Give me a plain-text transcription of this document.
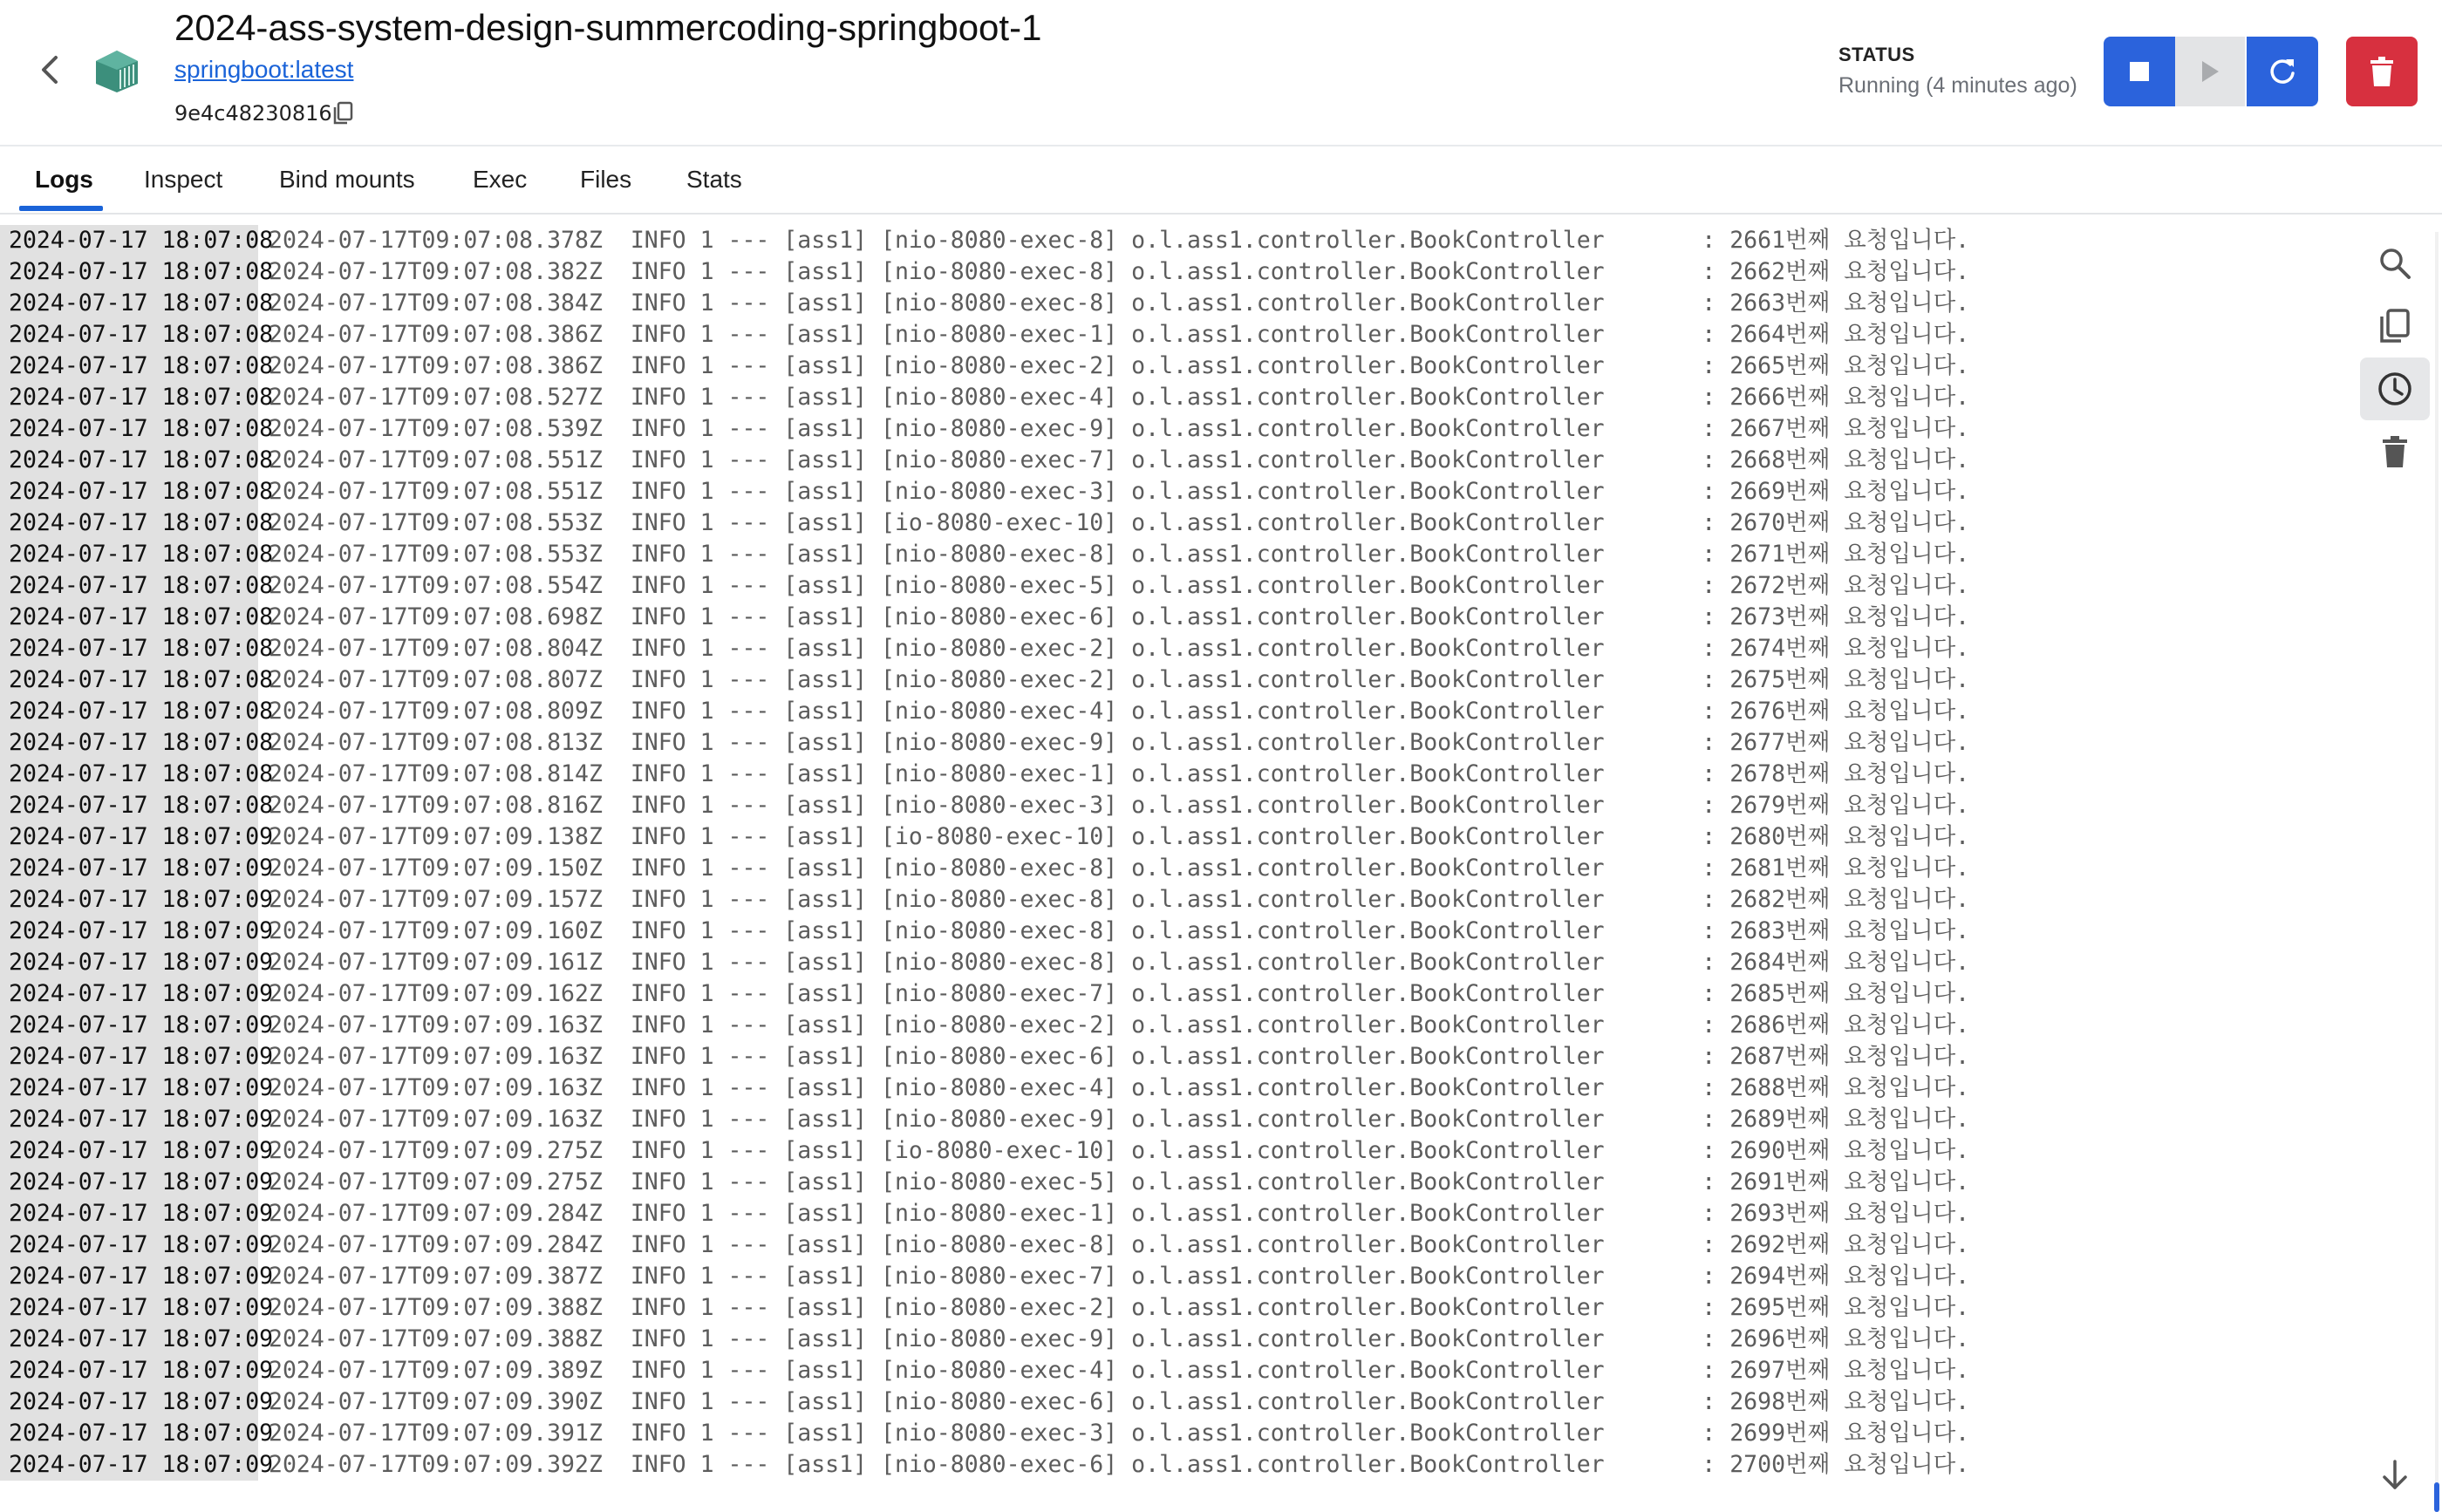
2024-ass-system-design-summercoding-springboot-1
springboot:latest
9e4c48230816
STATUS
Running (4 minutes ago)
Logs Inspect Bind mounts Exec Files Stats
2024-07-17 18:07:082024-07-17T09:07:08.378Z  INFO 1 --- [ass1] [nio-8080-exec-8] o.l.ass1.controller.BookController       : 2661번째 요청입니다.
2024-07-17 18:07:082024-07-17T09:07:08.382Z  INFO 1 --- [ass1] [nio-8080-exec-8] o.l.ass1.controller.BookController       : 2662번째 요청입니다.
2024-07-17 18:07:082024-07-17T09:07:08.384Z  INFO 1 --- [ass1] [nio-8080-exec-8] o.l.ass1.controller.BookController       : 2663번째 요청입니다.
2024-07-17 18:07:082024-07-17T09:07:08.386Z  INFO 1 --- [ass1] [nio-8080-exec-1] o.l.ass1.controller.BookController       : 2664번째 요청입니다.
2024-07-17 18:07:082024-07-17T09:07:08.386Z  INFO 1 --- [ass1] [nio-8080-exec-2] o.l.ass1.controller.BookController       : 2665번째 요청입니다.
2024-07-17 18:07:082024-07-17T09:07:08.527Z  INFO 1 --- [ass1] [nio-8080-exec-4] o.l.ass1.controller.BookController       : 2666번째 요청입니다.
2024-07-17 18:07:082024-07-17T09:07:08.539Z  INFO 1 --- [ass1] [nio-8080-exec-9] o.l.ass1.controller.BookController       : 2667번째 요청입니다.
2024-07-17 18:07:082024-07-17T09:07:08.551Z  INFO 1 --- [ass1] [nio-8080-exec-7] o.l.ass1.controller.BookController       : 2668번째 요청입니다.
2024-07-17 18:07:082024-07-17T09:07:08.551Z  INFO 1 --- [ass1] [nio-8080-exec-3] o.l.ass1.controller.BookController       : 2669번째 요청입니다.
2024-07-17 18:07:082024-07-17T09:07:08.553Z  INFO 1 --- [ass1] [io-8080-exec-10] o.l.ass1.controller.BookController       : 2670번째 요청입니다.
2024-07-17 18:07:082024-07-17T09:07:08.553Z  INFO 1 --- [ass1] [nio-8080-exec-8] o.l.ass1.controller.BookController       : 2671번째 요청입니다.
2024-07-17 18:07:082024-07-17T09:07:08.554Z  INFO 1 --- [ass1] [nio-8080-exec-5] o.l.ass1.controller.BookController       : 2672번째 요청입니다.
2024-07-17 18:07:082024-07-17T09:07:08.698Z  INFO 1 --- [ass1] [nio-8080-exec-6] o.l.ass1.controller.BookController       : 2673번째 요청입니다.
2024-07-17 18:07:082024-07-17T09:07:08.804Z  INFO 1 --- [ass1] [nio-8080-exec-2] o.l.ass1.controller.BookController       : 2674번째 요청입니다.
2024-07-17 18:07:082024-07-17T09:07:08.807Z  INFO 1 --- [ass1] [nio-8080-exec-2] o.l.ass1.controller.BookController       : 2675번째 요청입니다.
2024-07-17 18:07:082024-07-17T09:07:08.809Z  INFO 1 --- [ass1] [nio-8080-exec-4] o.l.ass1.controller.BookController       : 2676번째 요청입니다.
2024-07-17 18:07:082024-07-17T09:07:08.813Z  INFO 1 --- [ass1] [nio-8080-exec-9] o.l.ass1.controller.BookController       : 2677번째 요청입니다.
2024-07-17 18:07:082024-07-17T09:07:08.814Z  INFO 1 --- [ass1] [nio-8080-exec-1] o.l.ass1.controller.BookController       : 2678번째 요청입니다.
2024-07-17 18:07:082024-07-17T09:07:08.816Z  INFO 1 --- [ass1] [nio-8080-exec-3] o.l.ass1.controller.BookController       : 2679번째 요청입니다.
2024-07-17 18:07:092024-07-17T09:07:09.138Z  INFO 1 --- [ass1] [io-8080-exec-10] o.l.ass1.controller.BookController       : 2680번째 요청입니다.
2024-07-17 18:07:092024-07-17T09:07:09.150Z  INFO 1 --- [ass1] [nio-8080-exec-8] o.l.ass1.controller.BookController       : 2681번째 요청입니다.
2024-07-17 18:07:092024-07-17T09:07:09.157Z  INFO 1 --- [ass1] [nio-8080-exec-8] o.l.ass1.controller.BookController       : 2682번째 요청입니다.
2024-07-17 18:07:092024-07-17T09:07:09.160Z  INFO 1 --- [ass1] [nio-8080-exec-8] o.l.ass1.controller.BookController       : 2683번째 요청입니다.
2024-07-17 18:07:092024-07-17T09:07:09.161Z  INFO 1 --- [ass1] [nio-8080-exec-8] o.l.ass1.controller.BookController       : 2684번째 요청입니다.
2024-07-17 18:07:092024-07-17T09:07:09.162Z  INFO 1 --- [ass1] [nio-8080-exec-7] o.l.ass1.controller.BookController       : 2685번째 요청입니다.
2024-07-17 18:07:092024-07-17T09:07:09.163Z  INFO 1 --- [ass1] [nio-8080-exec-2] o.l.ass1.controller.BookController       : 2686번째 요청입니다.
2024-07-17 18:07:092024-07-17T09:07:09.163Z  INFO 1 --- [ass1] [nio-8080-exec-6] o.l.ass1.controller.BookController       : 2687번째 요청입니다.
2024-07-17 18:07:092024-07-17T09:07:09.163Z  INFO 1 --- [ass1] [nio-8080-exec-4] o.l.ass1.controller.BookController       : 2688번째 요청입니다.
2024-07-17 18:07:092024-07-17T09:07:09.163Z  INFO 1 --- [ass1] [nio-8080-exec-9] o.l.ass1.controller.BookController       : 2689번째 요청입니다.
2024-07-17 18:07:092024-07-17T09:07:09.275Z  INFO 1 --- [ass1] [io-8080-exec-10] o.l.ass1.controller.BookController       : 2690번째 요청입니다.
2024-07-17 18:07:092024-07-17T09:07:09.275Z  INFO 1 --- [ass1] [nio-8080-exec-5] o.l.ass1.controller.BookController       : 2691번째 요청입니다.
2024-07-17 18:07:092024-07-17T09:07:09.284Z  INFO 1 --- [ass1] [nio-8080-exec-1] o.l.ass1.controller.BookController       : 2693번째 요청입니다.
2024-07-17 18:07:092024-07-17T09:07:09.284Z  INFO 1 --- [ass1] [nio-8080-exec-8] o.l.ass1.controller.BookController       : 2692번째 요청입니다.
2024-07-17 18:07:092024-07-17T09:07:09.387Z  INFO 1 --- [ass1] [nio-8080-exec-7] o.l.ass1.controller.BookController       : 2694번째 요청입니다.
2024-07-17 18:07:092024-07-17T09:07:09.388Z  INFO 1 --- [ass1] [nio-8080-exec-2] o.l.ass1.controller.BookController       : 2695번째 요청입니다.
2024-07-17 18:07:092024-07-17T09:07:09.388Z  INFO 1 --- [ass1] [nio-8080-exec-9] o.l.ass1.controller.BookController       : 2696번째 요청입니다.
2024-07-17 18:07:092024-07-17T09:07:09.389Z  INFO 1 --- [ass1] [nio-8080-exec-4] o.l.ass1.controller.BookController       : 2697번째 요청입니다.
2024-07-17 18:07:092024-07-17T09:07:09.390Z  INFO 1 --- [ass1] [nio-8080-exec-6] o.l.ass1.controller.BookController       : 2698번째 요청입니다.
2024-07-17 18:07:092024-07-17T09:07:09.391Z  INFO 1 --- [ass1] [nio-8080-exec-3] o.l.ass1.controller.BookController       : 2699번째 요청입니다.
2024-07-17 18:07:092024-07-17T09:07:09.392Z  INFO 1 --- [ass1] [nio-8080-exec-6] o.l.ass1.controller.BookController       : 2700번째 요청입니다.
